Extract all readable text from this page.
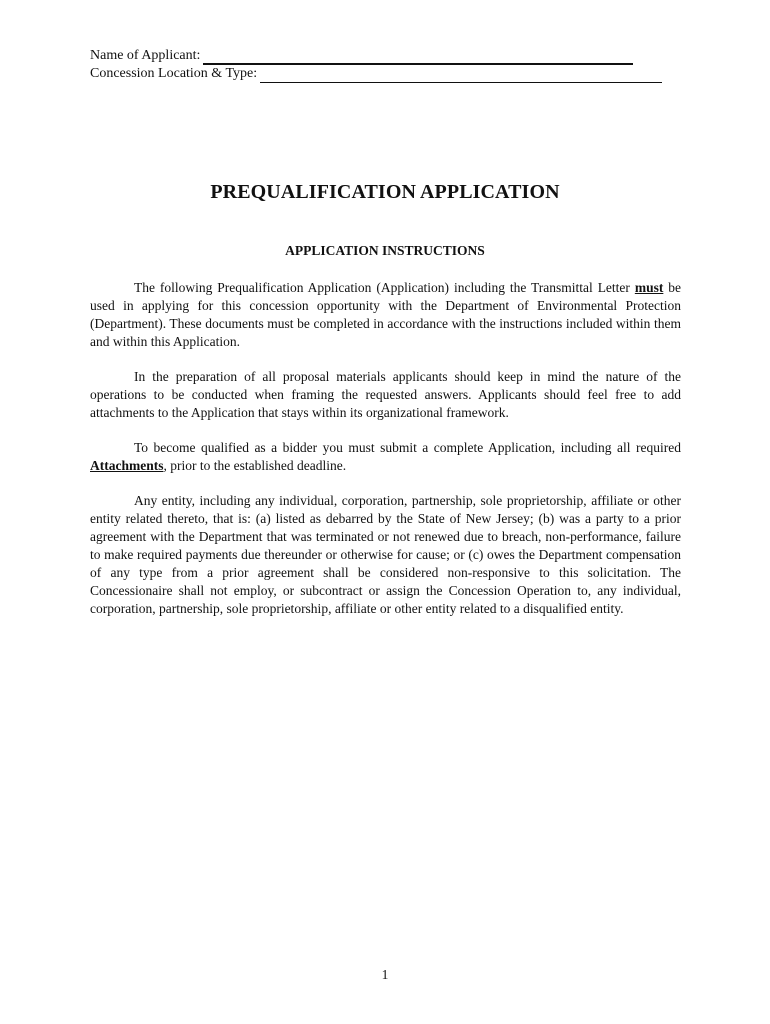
Name of Applicant:
Concession Location & Type:
PREQUALIFICATION APPLICATION
APPLICATION INSTRUCTIONS

The following Prequalification Application (Application) including the Transmittal Letter must be used in applying for this concession opportunity with the Department of Environmental Protection (Department). These documents must be completed in accordance with the instructions included within them and within this Application.

In the preparation of all proposal materials applicants should keep in mind the nature of the operations to be conducted when framing the requested answers. Applicants should feel free to add attachments to the Application that stays within its organizational framework.

To become qualified as a bidder you must submit a complete Application, including all required Attachments, prior to the established deadline.

Any entity, including any individual, corporation, partnership, sole proprietorship, affiliate or other entity related thereto, that is: (a) listed as debarred by the State of New Jersey; (b) was a party to a prior agreement with the Department that was terminated or not renewed due to breach, non-performance, failure to make required payments due thereunder or otherwise for cause; or (c) owes the Department compensation of any type from a prior agreement shall be considered non-responsive to this solicitation. The Concessionaire shall not employ, or subcontract or assign the Concession Operation to, any individual, corporation, partnership, sole proprietorship, affiliate or other entity related to a disqualified entity.

1
